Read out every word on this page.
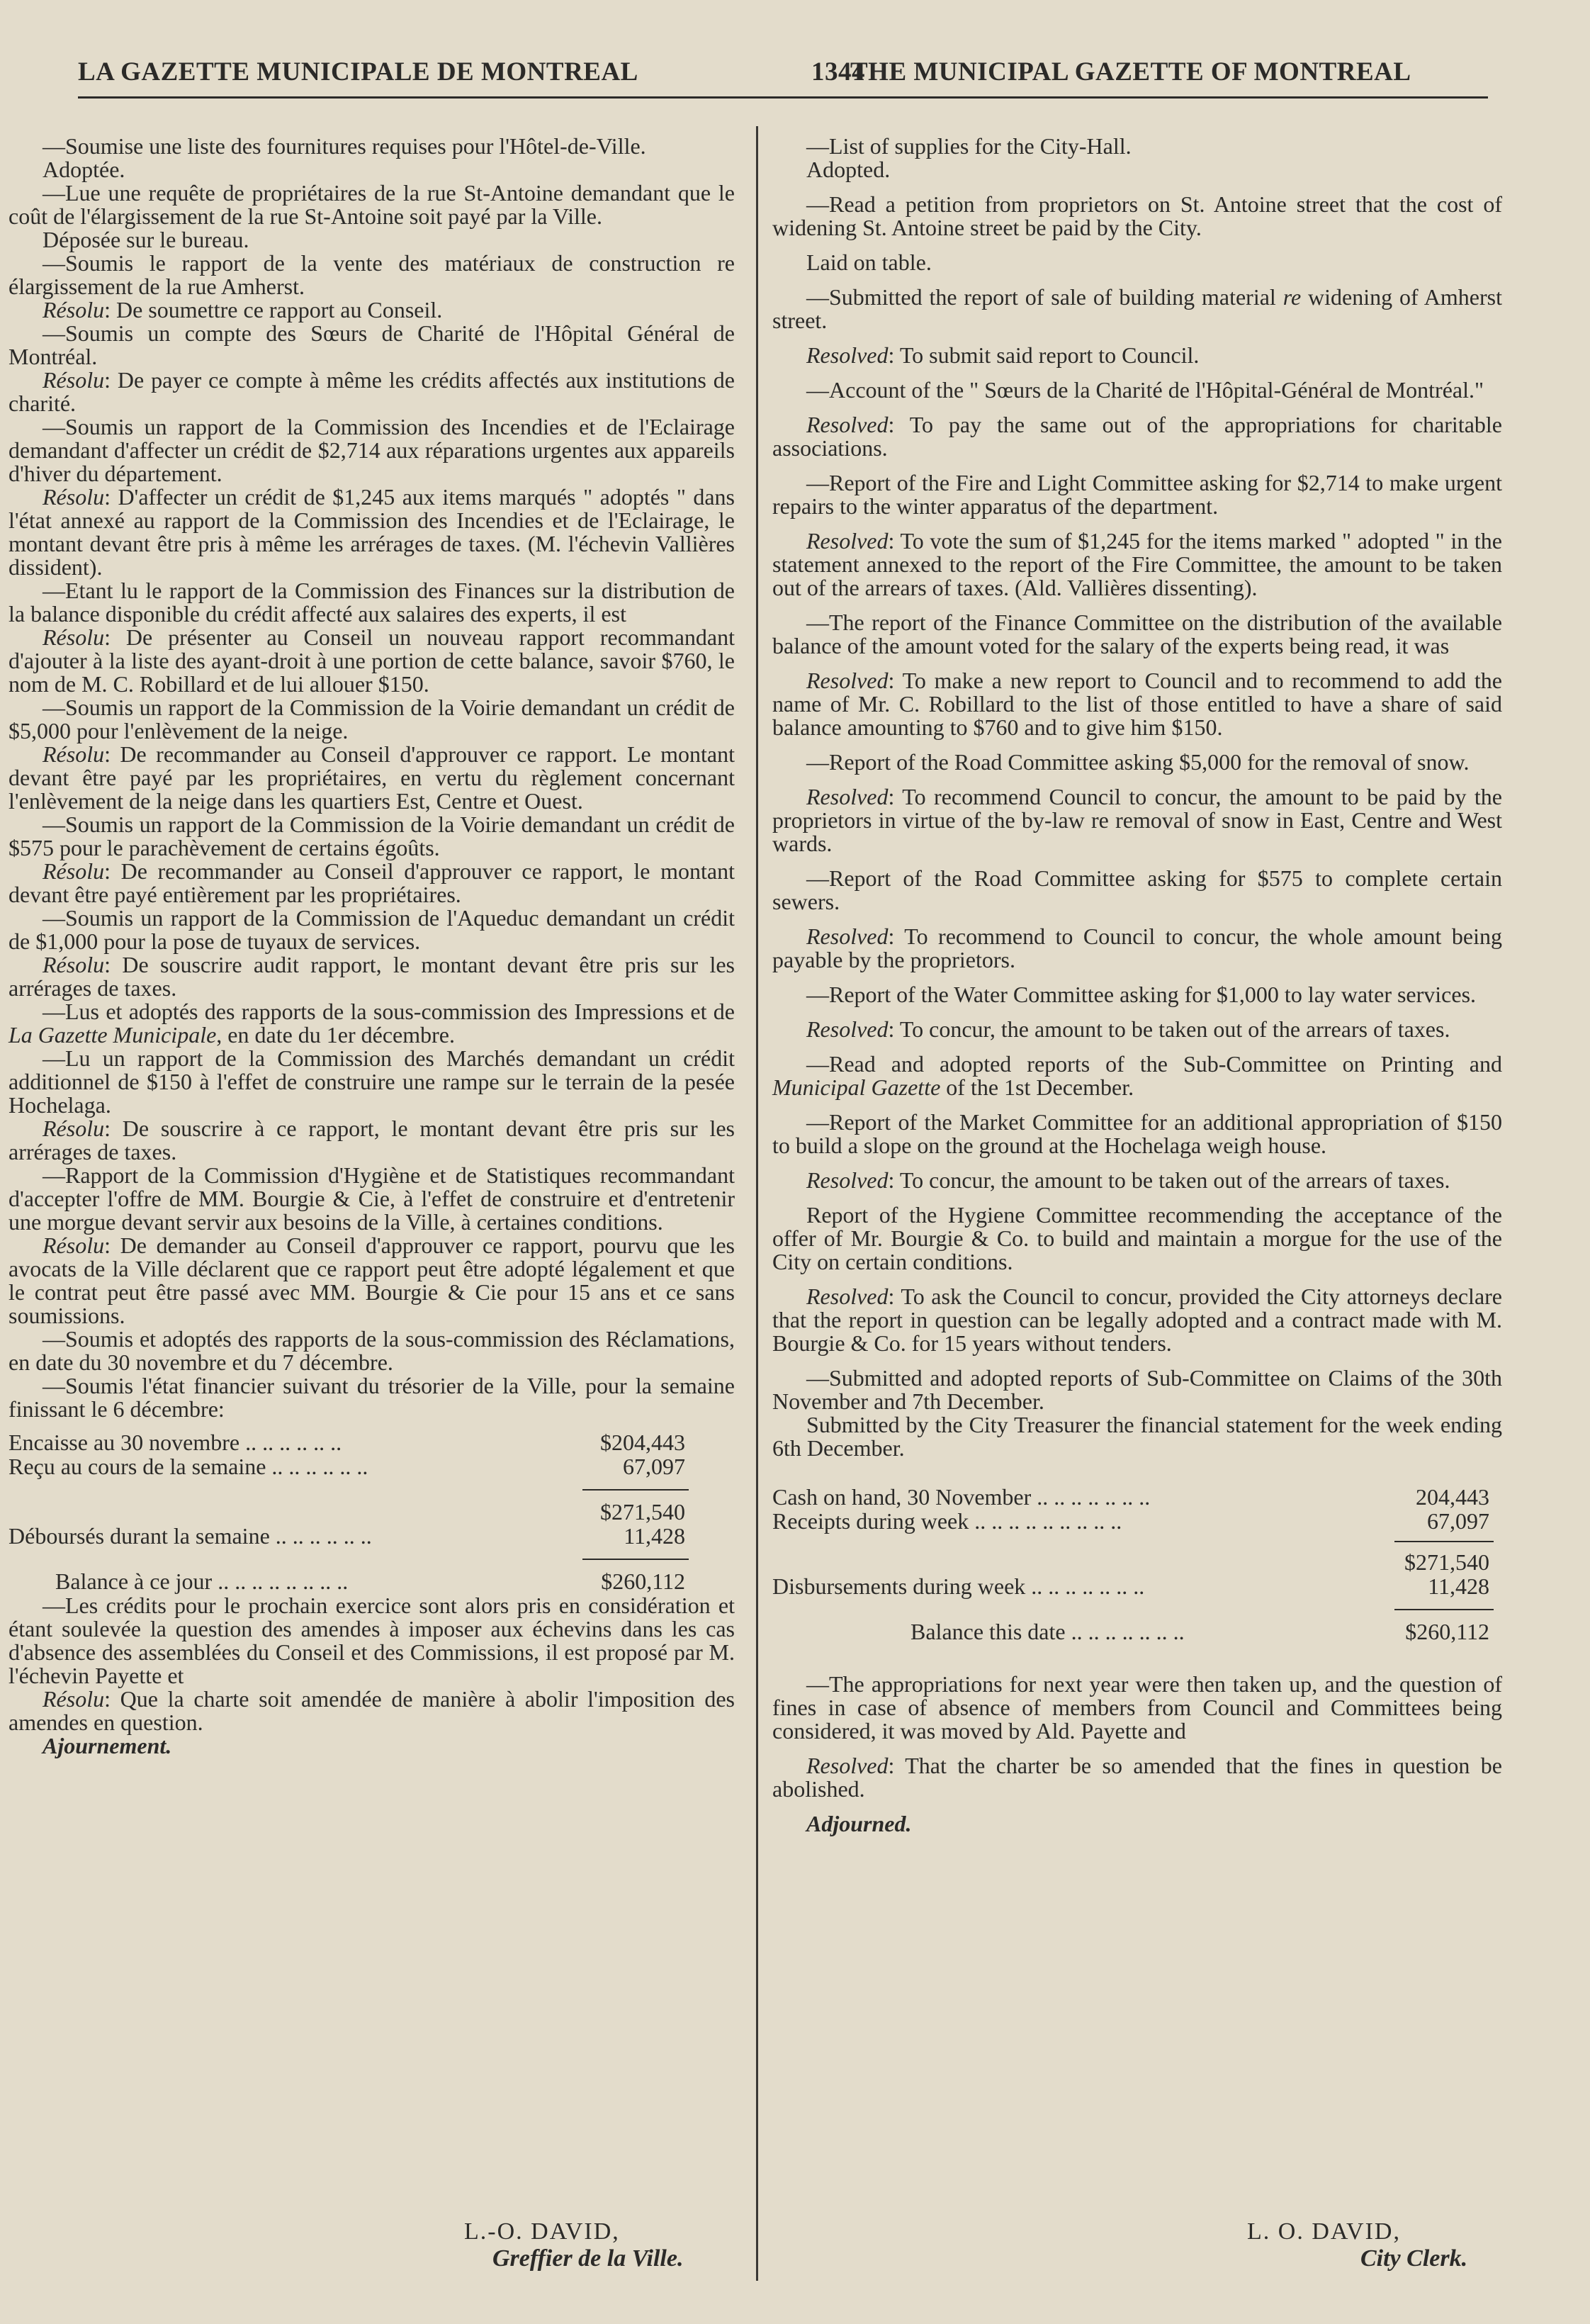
LA GAZETTE MUNICIPALE DE MONTREAL	1344
THE MUNICIPAL GAZETTE OF MONTREAL

—Soumise une liste des fournitures requises pour l'Hôtel-de-Ville.

Adoptée.

—Lue une requête de propriétaires de la rue St-Antoine demandant que le coût de l'élargissement de la rue St-Antoine soit payé par la Ville.

Déposée sur le bureau.

—Soumis le rapport de la vente des matériaux de construction re élargissement de la rue Amherst.

Résolu: De soumettre ce rapport au Conseil.

—Soumis un compte des Sœurs de Charité de l'Hôpital Général de Montréal.

Résolu: De payer ce compte à même les crédits affectés aux institutions de charité.

—Soumis un rapport de la Commission des Incendies et de l'Eclairage demandant d'affecter un crédit de $2,714 aux réparations urgentes aux appareils d'hiver du département.

Résolu: D'affecter un crédit de $1,245 aux items marqués " adoptés " dans l'état annexé au rapport de la Commission des Incendies et de l'Eclairage, le montant devant être pris à même les arrérages de taxes. (M. l'échevin Vallières dissident).

—Etant lu le rapport de la Commission des Finances sur la distribution de la balance disponible du crédit affecté aux salaires des experts, il est

Résolu: De présenter au Conseil un nouveau rapport recommandant d'ajouter à la liste des ayant-droit à une portion de cette balance, savoir $760, le nom de M. C. Robillard et de lui allouer $150.

—Soumis un rapport de la Commission de la Voirie demandant un crédit de $5,000 pour l'enlèvement de la neige.

Résolu: De recommander au Conseil d'approuver ce rapport. Le montant devant être payé par les propriétaires, en vertu du règlement concernant l'enlèvement de la neige dans les quartiers Est, Centre et Ouest.

—Soumis un rapport de la Commission de la Voirie demandant un crédit de $575 pour le parachèvement de certains égoûts.

Résolu: De recommander au Conseil d'approuver ce rapport, le montant devant être payé entièrement par les propriétaires.

—Soumis un rapport de la Commission de l'Aqueduc demandant un crédit de $1,000 pour la pose de tuyaux de services.

Résolu: De souscrire audit rapport, le montant devant être pris sur les arrérages de taxes.

—Lus et adoptés des rapports de la sous-commission des Impressions et de La Gazette Municipale, en date du 1er décembre.

—Lu un rapport de la Commission des Marchés demandant un crédit additionnel de $150 à l'effet de construire une rampe sur le terrain de la pesée Hochelaga.

Résolu: De souscrire à ce rapport, le montant devant être pris sur les arrérages de taxes.

—Rapport de la Commission d'Hygiène et de Statistiques recommandant d'accepter l'offre de MM. Bourgie & Cie, à l'effet de construire et d'entretenir une morgue devant servir aux besoins de la Ville, à certaines conditions.

Résolu: De demander au Conseil d'approuver ce rapport, pourvu que les avocats de la Ville déclarent que ce rapport peut être adopté légalement et que le contrat peut être passé avec MM. Bourgie & Cie pour 15 ans et ce sans soumissions.

—Soumis et adoptés des rapports de la sous-commission des Réclamations, en date du 30 novembre et du 7 décembre.

—Soumis l'état financier suivant du trésorier de la Ville, pour la semaine finissant le 6 décembre:

Encaisse au 30 novembre .. .. .. .. .. ..	$204,443
Reçu au cours de la semaine .. .. .. .. .. ..	67,097
$271,540
Déboursés durant la semaine .. .. .. .. .. ..	11,428
Balance à ce jour .. .. .. .. .. .. .. ..	$260,112

—Les crédits pour le prochain exercice sont alors pris en considération et étant soulevée la question des amendes à imposer aux échevins dans les cas d'absence des assemblées du Conseil et des Commissions, il est proposé par M. l'échevin Payette et

Résolu: Que la charte soit amendée de manière à abolir l'imposition des amendes en question.

Ajournement.

L.-O. DAVID,
Greffier de la Ville.

—List of supplies for the City-Hall.

Adopted.

—Read a petition from proprietors on St. Antoine street that the cost of widening St. Antoine street be paid by the City.

Laid on table.

—Submitted the report of sale of building material re widening of Amherst street.

Resolved: To submit said report to Council.

—Account of the " Sœurs de la Charité de l'Hôpital-Général de Montréal."

Resolved: To pay the same out of the appropriations for charitable associations.

—Report of the Fire and Light Committee asking for $2,714 to make urgent repairs to the winter apparatus of the department.

Resolved: To vote the sum of $1,245 for the items marked " adopted " in the statement annexed to the report of the Fire Committee, the amount to be taken out of the arrears of taxes. (Ald. Vallières dissenting).

—The report of the Finance Committee on the distribution of the available balance of the amount voted for the salary of the experts being read, it was

Resolved: To make a new report to Council and to recommend to add the name of Mr. C. Robillard to the list of those entitled to have a share of said balance amounting to $760 and to give him $150.

—Report of the Road Committee asking $5,000 for the removal of snow.

Resolved: To recommend Council to concur, the amount to be paid by the proprietors in virtue of the by-law re removal of snow in East, Centre and West wards.

—Report of the Road Committee asking for $575 to complete certain sewers.

Resolved: To recommend to Council to concur, the whole amount being payable by the proprietors.

—Report of the Water Committee asking for $1,000 to lay water services.

Resolved: To concur, the amount to be taken out of the arrears of taxes.

—Read and adopted reports of the Sub-Committee on Printing and Municipal Gazette of the 1st December.

—Report of the Market Committee for an additional appropriation of $150 to build a slope on the ground at the Hochelaga weigh house.

Resolved: To concur, the amount to be taken out of the arrears of taxes.

Report of the Hygiene Committee recommending the acceptance of the offer of Mr. Bourgie & Co. to build and maintain a morgue for the use of the City on certain conditions.

Resolved: To ask the Council to concur, provided the City attorneys declare that the report in question can be legally adopted and a contract made with M. Bourgie & Co. for 15 years without tenders.

—Submitted and adopted reports of Sub-Committee on Claims of the 30th November and 7th December.

Submitted by the City Treasurer the financial statement for the week ending 6th December.

Cash on hand, 30 November .. .. .. .. .. .. ..	204,443
Receipts during week .. .. .. .. .. .. .. .. ..	67,097
$271,540
Disbursements during week .. .. .. .. .. .. ..	11,428
Balance this date .. .. .. .. .. .. ..	$260,112

—The appropriations for next year were then taken up, and the question of fines in case of absence of members from Council and Committees being considered, it was moved by Ald. Payette and

Resolved: That the charter be so amended that the fines in question be abolished.

Adjourned.

L. O. DAVID,
City Clerk.
